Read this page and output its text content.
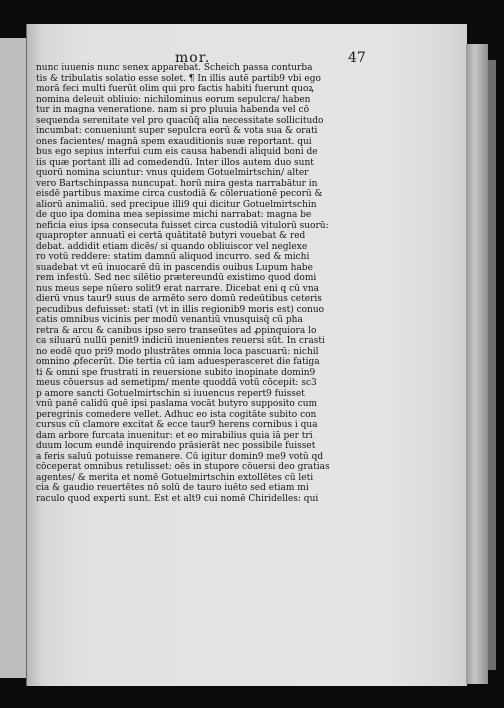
mor.	47
nunc iuuenis nunc senex apparebat. Scheich passa conturba
tis & tribulatis solatio esse solet. ¶ In illis autē partib9 vbi ego
morā feci multi fuerūt olim qui pro factis habiti fuerunt quoꝝ
nomina deleuit obliuio: nichilominus eorum sepulcra/ haben
tur in magna veneratione. nam si pro pluuia habenda vel cō
sequenda serenitate vel pro quacūq̄ alia necessitate sollicitudo
incumbat: conueniunt super sepulcra eorū & vota sua & orati
ones facientes/ magnā spem exauditionis suæ reportant. qui
bus ego sepius interfui cum eis causa habendi aliquid boni de
iis quæ portant illi ad comedendū. Inter illos autem duo sunt
quorū nomina sciuntur: vnus quidem Gotuelmirtschin/ alter
vero Bartschinpassa nuncupat. horū mira gesta narrabātur in
eisdē partibus maxime circa custodiā & cōleruationē pecorū &
aliorū animaliū. sed precipue illi9 qui dicitur Gotuelmirtschin
de quo ipa domina mea sepissime michi narrabat: magna be
neficia eius ipsa consecuta fuisset circa custodiā vitulorū suorū:
quapropter annuatī ei certā quātitatē butyri vouebat & red
debat. addidit etiam dicēs/ si quando obliuiscor vel neglexe
ro votū reddere: statim damnū aliquod incurro. sed & michi
suadebat vt eū inuocarē dū in pascendis ouibus Lupum habe
rem infestū. Sed nec silētio prætereundū existimo quod domi
nus meus sepe nūero solit9 erat narrare. Dicebat eni q cū vna
dierū vnus taur9 suus de armēto sero domū redeūtibus ceteris
pecudibus defuisset: statī (vt in illis regionib9 moris est) conuo
catis omnibus vicinis per modū venantiū vnusquisq̄ cū pha
retra & arcu & canibus ipso sero transeūtes ad ꝓpinquiora lo
ca siluarū nullū penit9 indiciū inuenientes reuersi sūt. In crasti
no eodē quo pri9 modo plustrātes omnia loca pascuarū: nichil
omnino ꝓfecerūt. Die tertia cū iam aduesperasceret die fatiga
ti & omni spe frustrati in reuersione subito inopinate domin9
meus cōuersus ad semetipm/ mente quoddā votū cōcepit: sc3
p amore sancti Gotuelmirtschin si iuuencus repert9 fuisset
vnū panē calidū quē ipsi paslama vocāt butyro supposito cum
peregrinis comedere vellet. Adhuc eo ista cogitāte subito con
cursus cū clamore excitat & ecce taur9 herens cornibus i qua
dam arbore furcata inuenitur: et eo mirabilius quia iā per tri
duum locum eundē inquirendo prāsierāt nec possibile fuisset
a feris saluū potuisse remanere. Cū igitur domin9 me9 votū qd
cōceperat omnibus retulisset: oēs in stupore cōuersi deo gratias
agentes/ & merita et nomē Gotuelmirtschin extollētes cū leti
cia & gaudio reuertētes nō solū de tauro iuēto sed etiam mi
raculo quod experti sunt. Est et alt9 cui nomē Chiridelles: qui
